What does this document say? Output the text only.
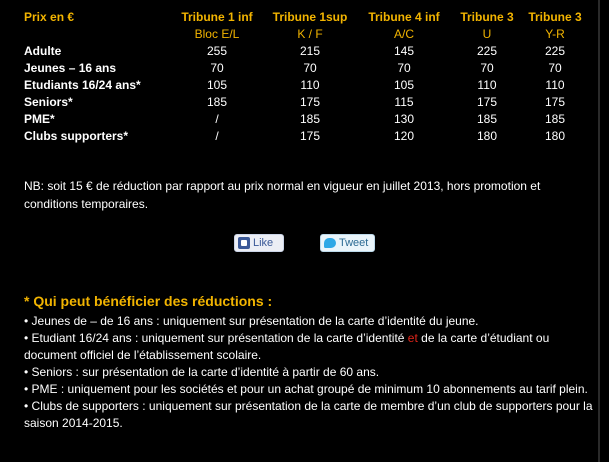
Prix en €	Tribune 1 inf	Tribune 1sup	Tribune 4 inf	Tribune 3	Tribune 3
	Bloc E/L	K / F	A/C	U	Y-R
Adulte	255	215	145	225	225
Jeunes – 16 ans	70	70	70	70	70
Etudiants 16/24 ans*	105	110	105	110	110
Seniors*	185	175	115	175	175
PME*	/	185	130	185	185
Clubs supporters*	/	175	120	180	180

NB: soit 15 € de réduction par rapport au prix normal en vigueur en juillet 2013, hors promotion et conditions temporaires.

Like	Tweet
* Qui peut bénéficier des réductions :

• Jeunes de – de 16 ans : uniquement sur présentation de la carte d’identité du jeune.

• Etudiant 16/24 ans : uniquement sur présentation de la carte d’identité et de la carte d’étudiant ou document officiel de l’établissement scolaire.

• Seniors : sur présentation de la carte d’identité à partir de 60 ans.

• PME : uniquement pour les sociétés et pour un achat groupé de minimum 10 abonnements au tarif plein.

• Clubs de supporters : uniquement sur présentation de la carte de membre d’un club de supporters pour la saison 2014-2015.
